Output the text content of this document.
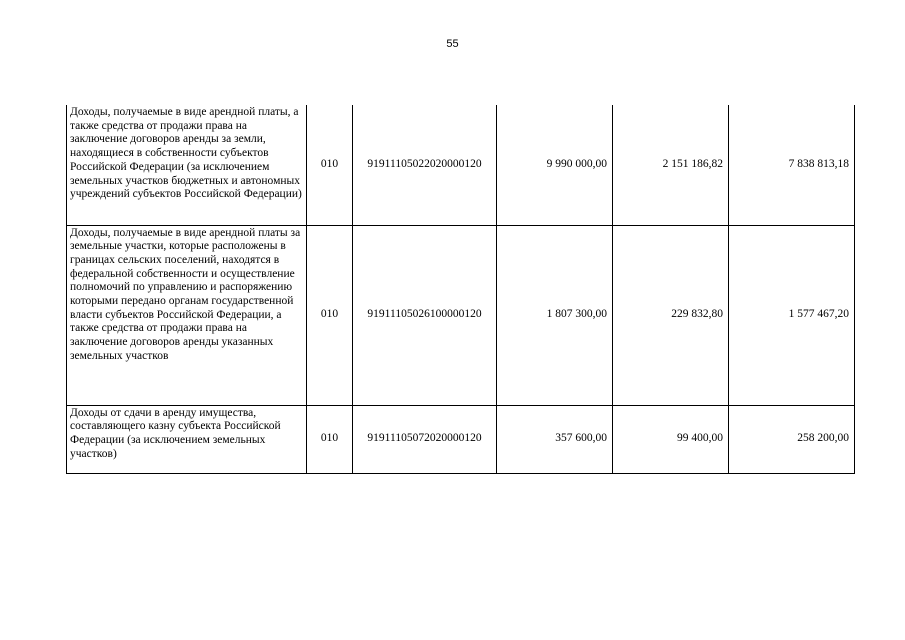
55
Доходы, получаемые в виде арендной платы, а также средства от продажи права на заключение договоров аренды за земли, находящиеся в собственности субъектов Российской Федерации (за исключением земельных участков бюджетных и автономных учреждений субъектов Российской Федерации)	010	91911105022020000120	9 990 000,00	2 151 186,82	7 838 813,18
Доходы, получаемые в виде арендной платы за земельные участки, которые расположены в границах сельских поселений, находятся в федеральной собственности и осуществление полномочий по управлению и распоряжению которыми передано органам государственной власти субъектов Российской Федерации, а также средства от продажи права на заключение договоров аренды указанных земельных участков	010	91911105026100000120	1 807 300,00	229 832,80	1 577 467,20
Доходы от сдачи в аренду имущества, составляющего казну субъекта Российской Федерации (за исключением земельных участков)	010	91911105072020000120	357 600,00	99 400,00	258 200,00
